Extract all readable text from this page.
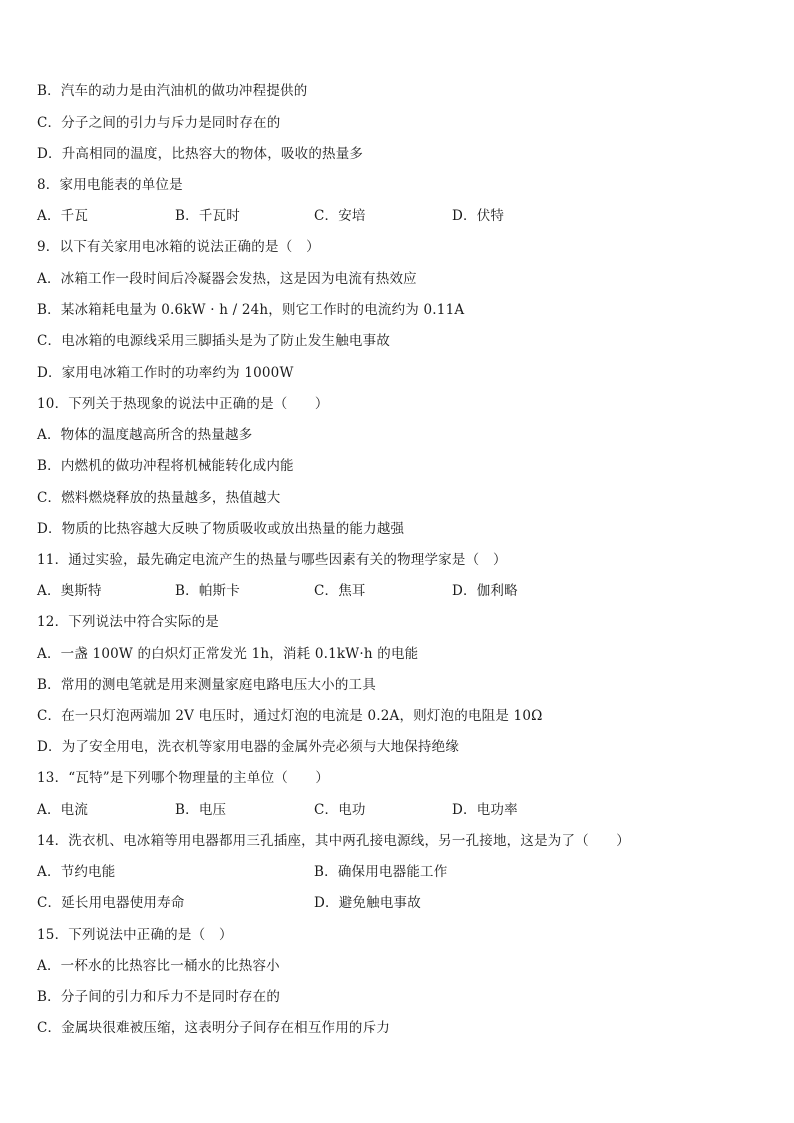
B．汽车的动力是由汽油机的做功冲程提供的
C．分子之间的引力与斥力是同时存在的
D．升高相同的温度，比热容大的物体，吸收的热量多
8．家用电能表的单位是
A．千瓦	B．千瓦时	C．安培	D．伏特
9．以下有关家用电冰箱的说法正确的是（　）
A．冰箱工作一段时间后冷凝器会发热，这是因为电流有热效应
B．某冰箱耗电量为 0.6kW · h / 24h，则它工作时的电流约为 0.11A
C．电冰箱的电源线采用三脚插头是为了防止发生触电事故
D．家用电冰箱工作时的功率约为 1000W
10．下列关于热现象的说法中正确的是（　　）
A．物体的温度越高所含的热量越多
B．内燃机的做功冲程将机械能转化成内能
C．燃料燃烧释放的热量越多，热值越大
D．物质的比热容越大反映了物质吸收或放出热量的能力越强
11．通过实验，最先确定电流产生的热量与哪些因素有关的物理学家是（　）
A．奥斯特	B．帕斯卡	C．焦耳	D．伽利略
12．下列说法中符合实际的是
A．一盏 100W 的白炽灯正常发光 1h，消耗 0.1kW·h 的电能
B．常用的测电笔就是用来测量家庭电路电压大小的工具
C．在一只灯泡两端加 2V 电压时，通过灯泡的电流是 0.2A，则灯泡的电阻是 10Ω
D．为了安全用电，洗衣机等家用电器的金属外壳必须与大地保持绝缘
13．“瓦特”是下列哪个物理量的主单位（　　）
A．电流	B．电压	C．电功	D．电功率
14．洗衣机、电冰箱等用电器都用三孔插座，其中两孔接电源线，另一孔接地，这是为了（　　）
A．节约电能	B．确保用电器能工作
C．延长用电器使用寿命	D．避免触电事故
15．下列说法中正确的是（　）
A．一杯水的比热容比一桶水的比热容小
B．分子间的引力和斥力不是同时存在的
C．金属块很难被压缩，这表明分子间存在相互作用的斥力
